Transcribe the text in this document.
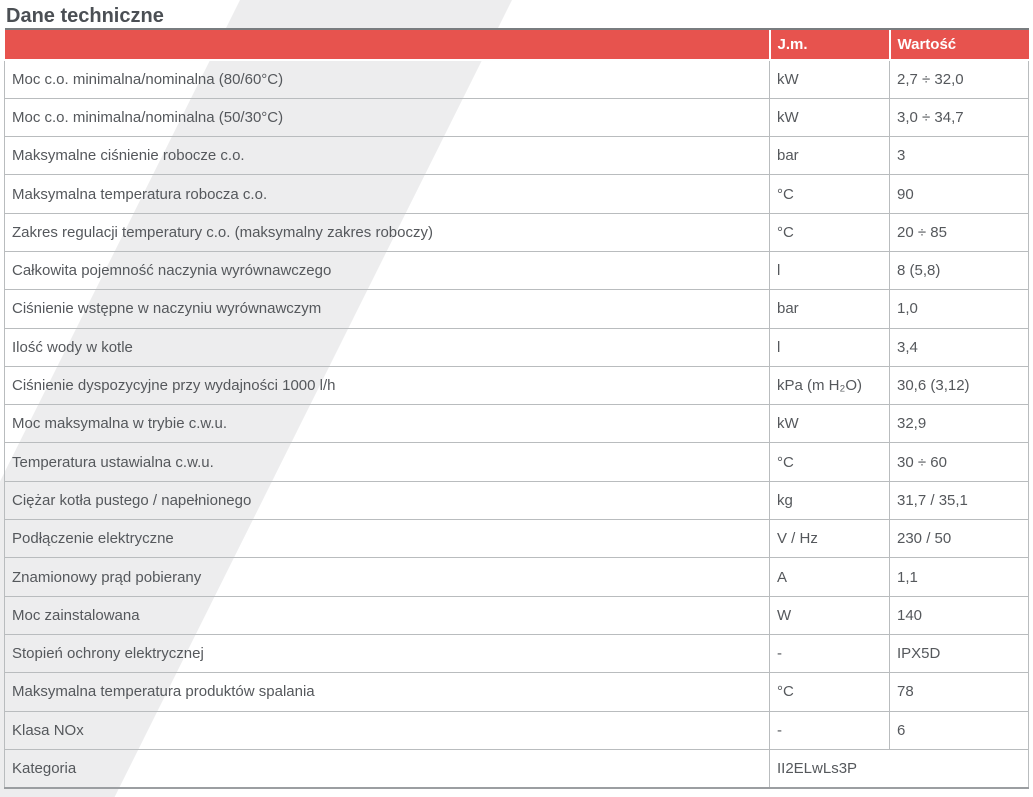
Dane techniczne
	J.m.	Wartość
Moc c.o. minimalna/nominalna (80/60°C)	kW	2,7 ÷ 32,0
Moc c.o. minimalna/nominalna (50/30°C)	kW	3,0 ÷ 34,7
Maksymalne ciśnienie robocze c.o.	bar	3
Maksymalna temperatura robocza c.o.	°C	90
Zakres regulacji temperatury c.o. (maksymalny zakres roboczy)	°C	20 ÷ 85
Całkowita pojemność naczynia wyrównawczego	l	8 (5,8)
Ciśnienie wstępne w naczyniu wyrównawczym	bar	1,0
Ilość wody w kotle	l	3,4
Ciśnienie dyspozycyjne przy wydajności 1000 l/h	kPa (m H₂O)	30,6 (3,12)
Moc maksymalna w trybie c.w.u.	kW	32,9
Temperatura ustawialna c.w.u.	°C	30 ÷ 60
Ciężar kotła pustego / napełnionego	kg	31,7 / 35,1
Podłączenie elektryczne	V / Hz	230 / 50
Znamionowy prąd pobierany	A	1,1
Moc zainstalowana	W	140
Stopień ochrony elektrycznej	-	IPX5D
Maksymalna temperatura produktów spalania	°C	78
Klasa NOx	-	6
Kategoria	II2ELwLs3P	
